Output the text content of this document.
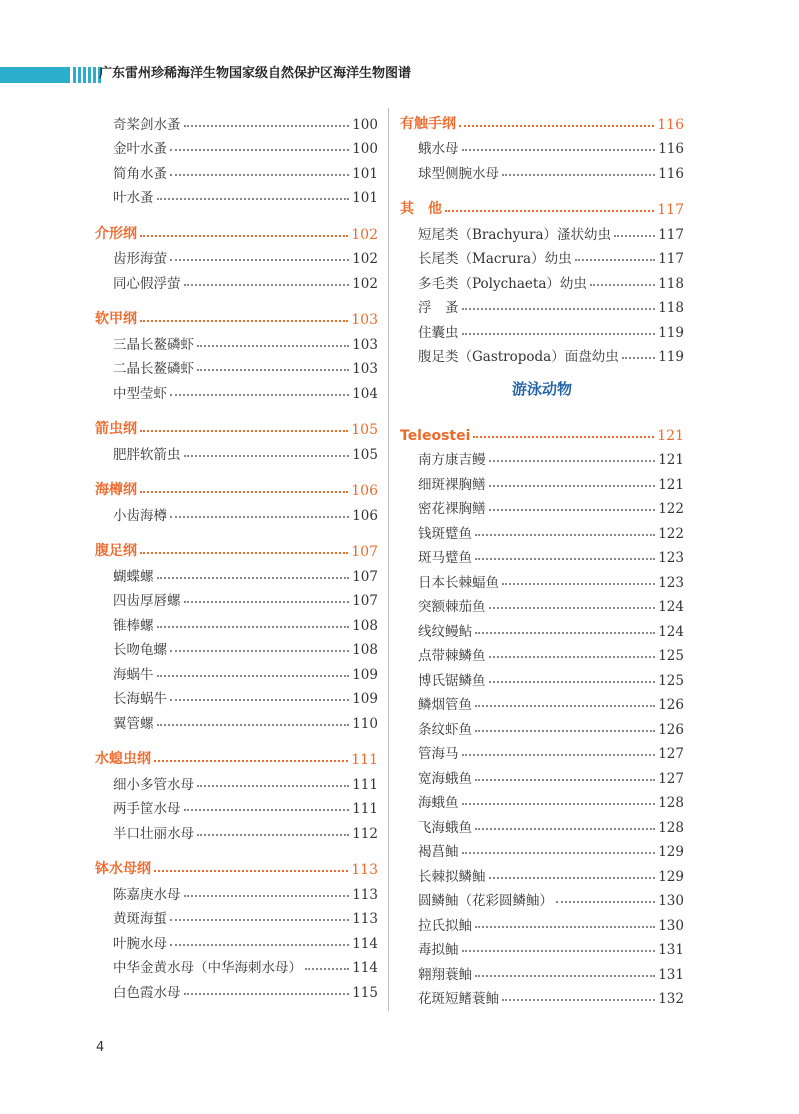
广东雷州珍稀海洋生物国家级自然保护区海洋生物图谱
奇桨剑水蚤	100
金叶水蚤	100
简角水蚤	101
叶水蚤	101
介形纲	102
齿形海萤	102
同心假浮萤	102
软甲纲	103
三晶长鳌磷虾	103
二晶长鳌磷虾	103
中型莹虾	104
箭虫纲	105
肥胖软箭虫	105
海樽纲	106
小齿海樽	106
腹足纲	107
蝴蝶螺	107
四齿厚唇螺	107
锥棒螺	108
长吻龟螺	108
海蜗牛	109
长海蜗牛	109
翼管螺	110
水螅虫纲	111
细小多管水母	111
两手筐水母	111
半口壮丽水母	112
钵水母纲	113
陈嘉庚水母	113
黄斑海蜇	113
叶腕水母	114
中华金黄水母（中华海刺水母）	114
白色霞水母	115
有触手纲	116
蛾水母	116
球型侧腕水母	116
其　他	117
短尾类（Brachyura）溞状幼虫	117
长尾类（Macrura）幼虫	117
多毛类（Polychaeta）幼虫	118
浮　蚤	118
住囊虫	119
腹足类（Gastropoda）面盘幼虫	119
游泳动物
Teleostei	121
南方康吉鳗	121
细斑裸胸鳝	121
密花裸胸鳝	122
钱斑躄鱼	122
斑马躄鱼	123
日本长棘蝠鱼	123
突额棘茄鱼	124
线纹鳗鲇	124
点带棘鳞鱼	125
博氏锯鳞鱼	125
鳞烟管鱼	126
条纹虾鱼	126
管海马	127
宽海蛾鱼	127
海蛾鱼	128
飞海蛾鱼	128
褐菖鲉	129
长棘拟鳞鲉	129
圆鳞鲉（花彩圆鳞鲉）	130
拉氏拟鲉	130
毒拟鲉	131
翱翔蓑鲉	131
花斑短鳍蓑鲉	132
4
